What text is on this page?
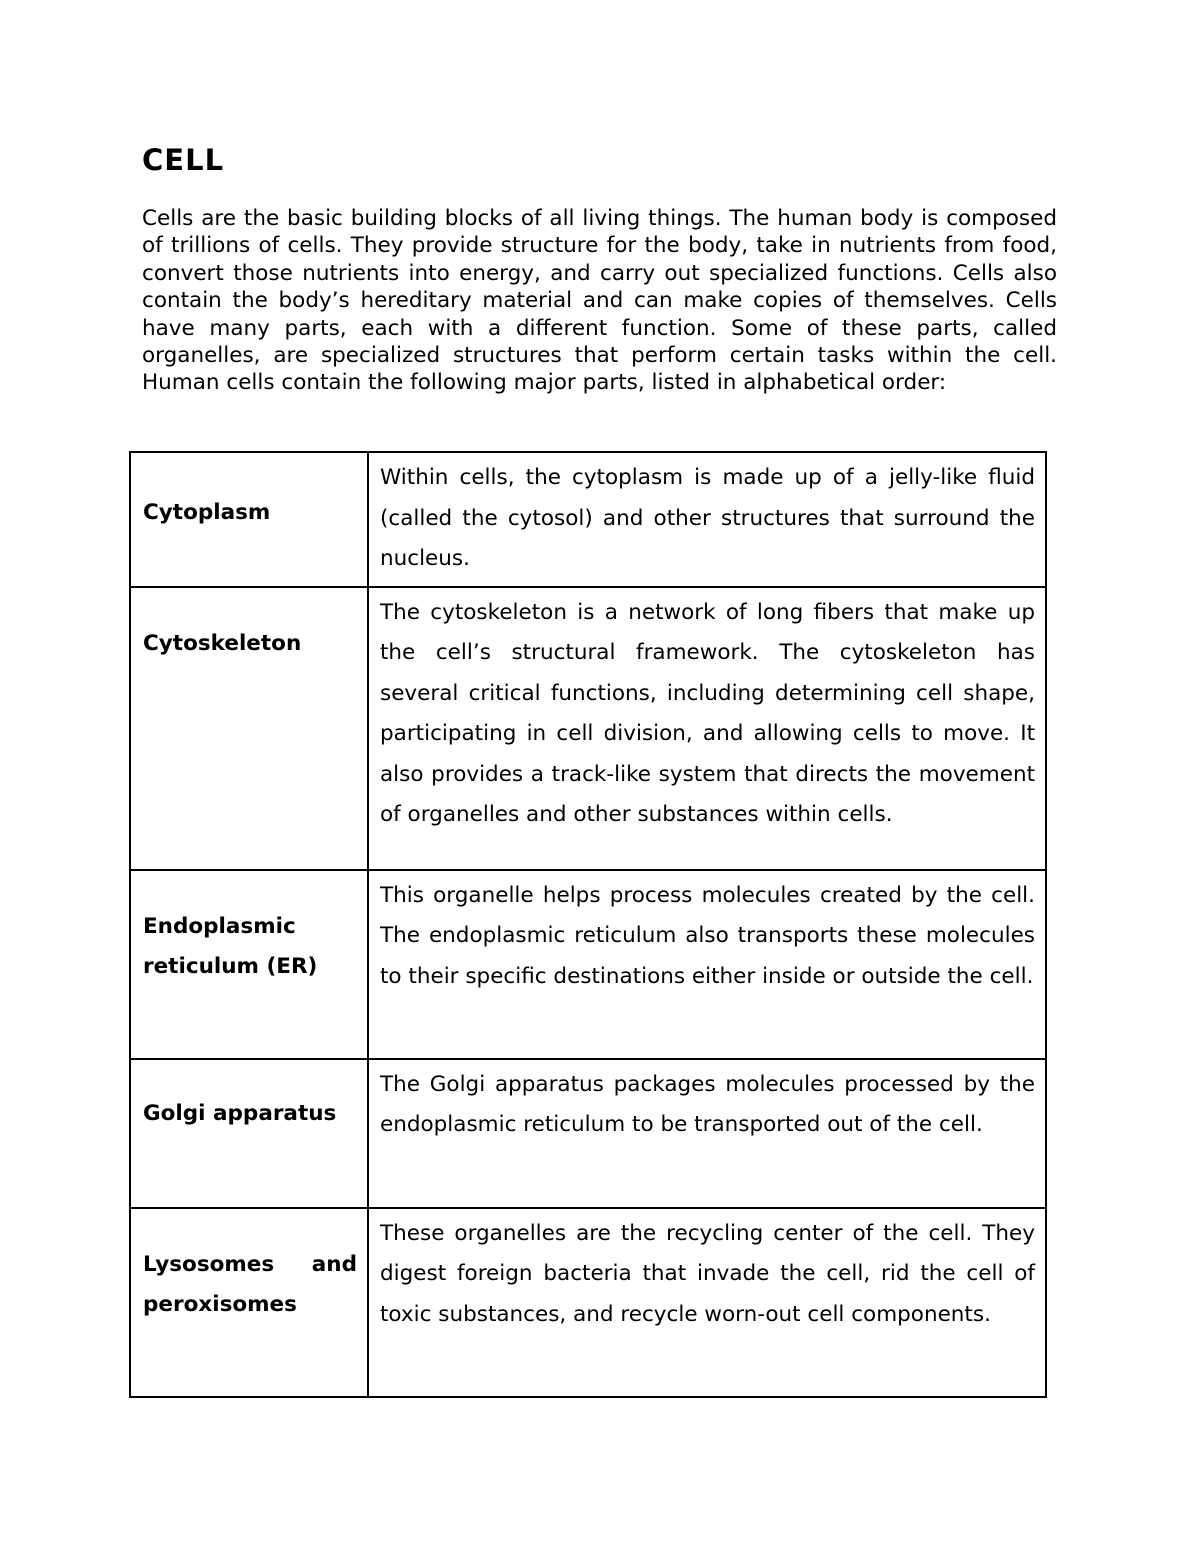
CELL

Cells are the basic building blocks of all living things. The human body is composed of trillions of cells. They provide structure for the body, take in nutrients from food, convert those nutrients into energy, and carry out specialized functions. Cells also contain the body’s hereditary material and can make copies of themselves. Cells have many parts, each with a different function. Some of these parts, called organelles, are specialized structures that perform certain tasks within the cell. Human cells contain the following major parts, listed in alphabetical order:

Cytoplasm	Within cells, the cytoplasm is made up of a jelly-like fluid (called the cytosol) and other structures that surround the nucleus.

Cytoskeleton	The cytoskeleton is a network of long fibers that make up the cell’s structural framework. The cytoskeleton has several critical functions, including determining cell shape, participating in cell division, and allowing cells to move. It also provides a track-like system that directs the movement of organelles and other substances within cells.

Endoplasmic reticulum (ER)	This organelle helps process molecules created by the cell. The endoplasmic reticulum also transports these molecules to their specific destinations either inside or outside the cell.

Golgi apparatus	The Golgi apparatus packages molecules processed by the endoplasmic reticulum to be transported out of the cell.

Lysosomes and peroxisomes	These organelles are the recycling center of the cell. They digest foreign bacteria that invade the cell, rid the cell of toxic substances, and recycle worn-out cell components.
